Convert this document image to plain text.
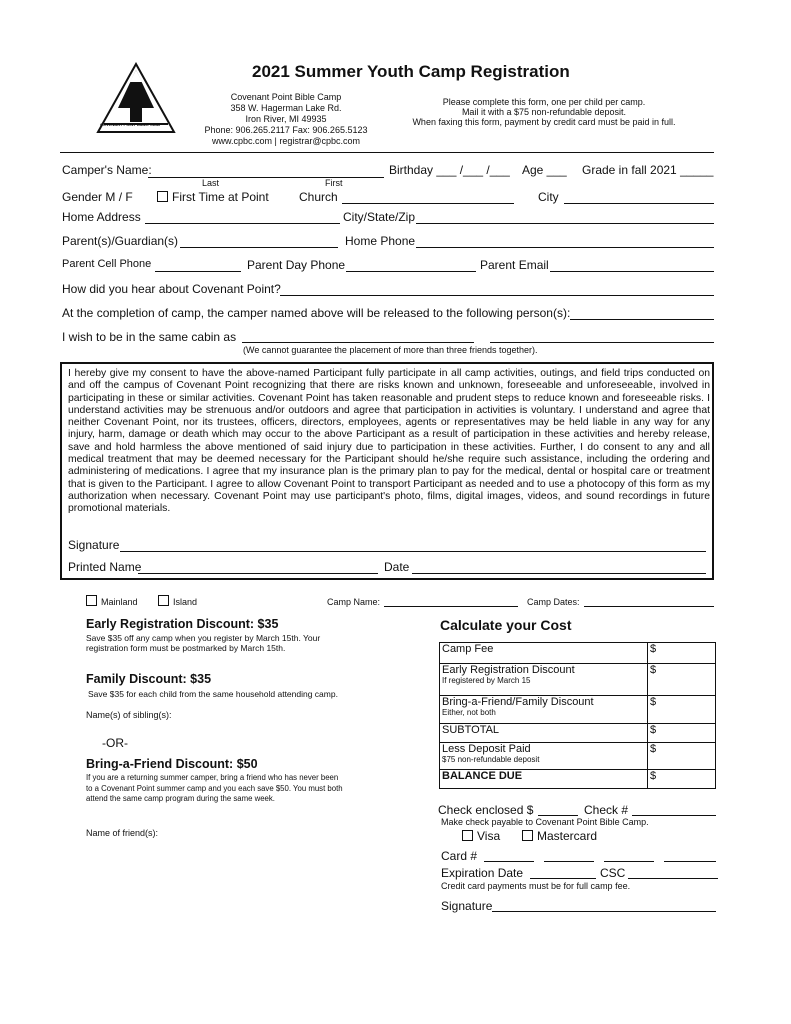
COVENANT POINT BIBLE CAMP
2021 Summer Youth Camp Registration
Covenant Point Bible Camp
358 W. Hagerman Lake Rd.
Iron River, MI 49935
Phone: 906.265.2117 Fax: 906.265.5123
www.cpbc.com | registrar@cpbc.com
Please complete this form, one per child per camp.
Mail it with a $75 non-refundable deposit.
When faxing this form, payment by credit card must be paid in full.
Camper's Name:
Last	First
Birthday ___ /___ /___ Age ___ Grade in fall 2021 _____
Gender M / F	First Time at Point	Church	City
Home Address	City/State/Zip
Parent(s)/Guardian(s)	Home Phone
Parent Cell Phone	Parent Day Phone	Parent Email
How did you hear about Covenant Point?
At the completion of camp, the camper named above will be released to the following person(s):
I wish to be in the same cabin as
(We cannot guarantee the placement of more than three friends together).
I hereby give my consent to have the above-named Participant fully participate in all camp activities, outings, and field trips conducted on and off the campus of Covenant Point recognizing that there are risks known and unknown, foreseeable and unforeseeable, involved in participating in these or similar activities. Covenant Point has taken reasonable and prudent steps to reduce known and foreseeable risks. I understand activities may be strenuous and/or outdoors and agree that participation in activities is voluntary. I understand and agree that neither Covenant Point, nor its trustees, officers, directors, employees, agents or representatives may be held liable in any way for any injury, harm, damage or death which may occur to the above Participant as a result of participation in these activities and hereby release, save and hold harmless the above mentioned of said injury due to participation in these activities. Further, I do consent to any and all medical treatment that may be deemed necessary for the Participant should he/she require such assistance, including the ordering and administering of medications. I agree that my insurance plan is the primary plan to pay for the medical, dental or hospital care or treatment that is given to the Participant. I agree to allow Covenant Point to transport Participant as needed and to use a photocopy of this form as my authorization when necessary. Covenant Point may use participant's photo, films, digital images, videos, and sound recordings in future promotional materials.
Signature
Printed Name	Date
Mainland	Island	Camp Name:	Camp Dates:
Early Registration Discount: $35
Save $35 off any camp when you register by March 15th. Your
registration form must be postmarked by March 15th.
Family Discount: $35
Save $35 for each child from the same household attending camp.
Name(s) of sibling(s):
-OR-
Bring-a-Friend Discount: $50
If you are a returning summer camper, bring a friend who has never been
to a Covenant Point summer camp and you each save $50. You must both
attend the same camp program during the same week.
Name of friend(s):
Calculate your Cost
Camp Fee	$
Early Registration Discount
If registered by March 15	$
Bring-a-Friend/Family Discount
Either, not both	$
SUBTOTAL	$
Less Deposit Paid
$75 non-refundable deposit	$
BALANCE DUE	$
Check enclosed $	Check #
Make check payable to Covenant Point Bible Camp.
Visa	Mastercard
Card #
Expiration Date	CSC
Credit card payments must be for full camp fee.
Signature
